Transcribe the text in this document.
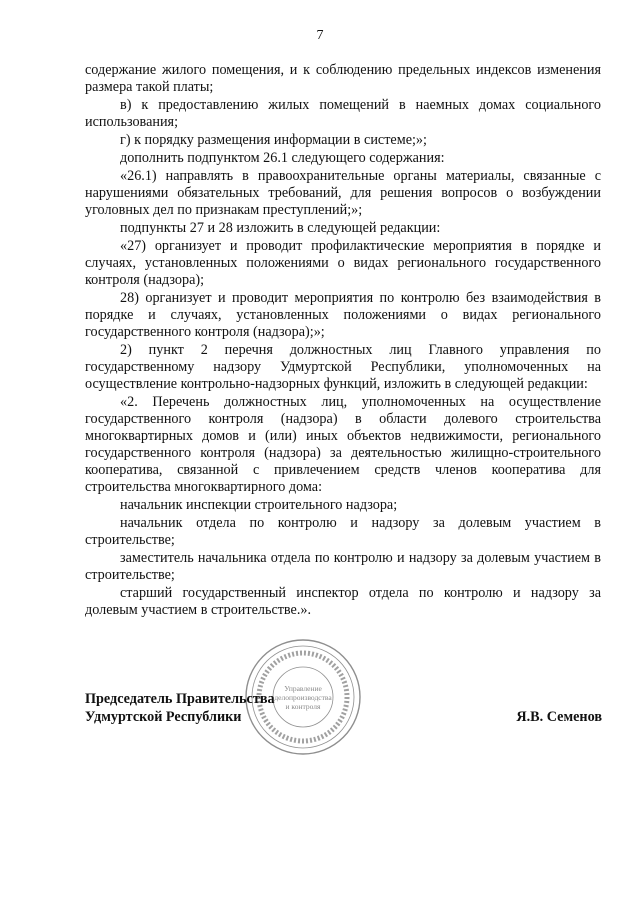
7

содержание жилого помещения, и к соблюдению предельных индексов изменения размера такой платы;

в) к предоставлению жилых помещений в наемных домах социального использования;

г) к порядку размещения информации в системе;»;

дополнить подпунктом 26.1 следующего содержания:

«26.1) направлять в правоохранительные органы материалы, связанные с нарушениями обязательных требований, для решения вопросов о возбуждении уголовных дел по признакам преступлений;»;

подпункты 27 и 28 изложить в следующей редакции:

«27) организует и проводит профилактические мероприятия в порядке и случаях, установленных положениями о видах регионального государственного контроля (надзора);

28) организует и проводит мероприятия по контролю без взаимодействия в порядке и случаях, установленных положениями о видах регионального государственного контроля (надзора);»;

2) пункт 2 перечня должностных лиц Главного управления по государственному надзору Удмуртской Республики, уполномоченных на осуществление контрольно-надзорных функций, изложить в следующей редакции:

«2. Перечень должностных лиц, уполномоченных на осуществление государственного контроля (надзора) в области долевого строительства многоквартирных домов и (или) иных объектов недвижимости, регионального государственного контроля (надзора) за деятельностью жилищно-строительного кооператива, связанной с привлечением средств членов кооператива для строительства многоквартирного дома:

начальник инспекции строительного надзора;

начальник отдела по контролю и надзору за долевым участием в строительстве;

заместитель начальника отдела по контролю и надзору за долевым участием в строительстве;

старший государственный инспектор отдела по контролю и надзору за долевым участием в строительстве.».

Управление
делопроизводства
и контроля
Председатель Правительства
Удмуртской Республики	Я.В. Семенов
